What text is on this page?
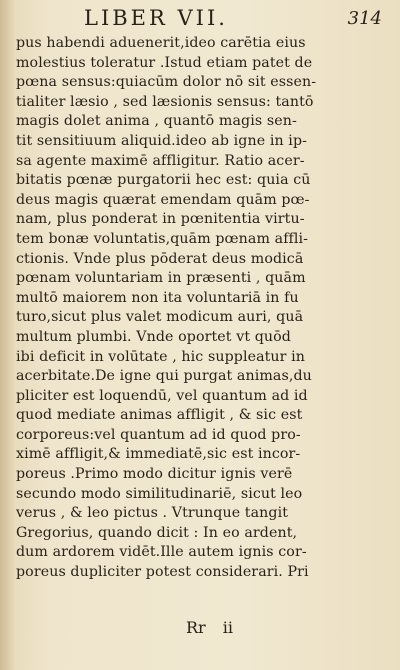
LIBER VII.	314
pus habendi aduenerit,ideo carētia eius
molestius toleratur .Istud etiam patet de
pœna sensus:quiacūm dolor nō sit essen-
tialiter læsio , sed læsionis sensus: tantō
magis dolet anima , quantō magis sen-
tit sensitiuum aliquid.ideo ab igne in ip-
sa agente maximē affligitur. Ratio acer-
bitatis pœnæ purgatorii hec est: quia cū
deus magis quærat emendam quām pœ-
nam, plus ponderat in pœnitentia virtu-
tem bonæ voluntatis,quām pœnam affli-
ctionis. Vnde plus pōderat deus modicā
pœnam voluntariam in præsenti , quām
multō maiorem non ita voluntariā in fu
turo,sicut plus valet modicum auri, quā
multum plumbi. Vnde oportet vt quōd
ibi deficit in volūtate , hic suppleatur in
acerbitate.De igne qui purgat animas,du
pliciter est loquendū, vel quantum ad id
quod mediate animas affligit , & sic est
corporeus:vel quantum ad id quod pro-
ximē affligit,& immediatē,sic est incor-
poreus .Primo modo dicitur ignis verē
secundo modo similitudinariē, sicut leo
verus , & leo pictus . Vtrunque tangit
Gregorius, quando dicit : In eo ardent,
dum ardorem vidēt.Ille autem ignis cor-
poreus dupliciter potest considerari. Pri
Rr ii
